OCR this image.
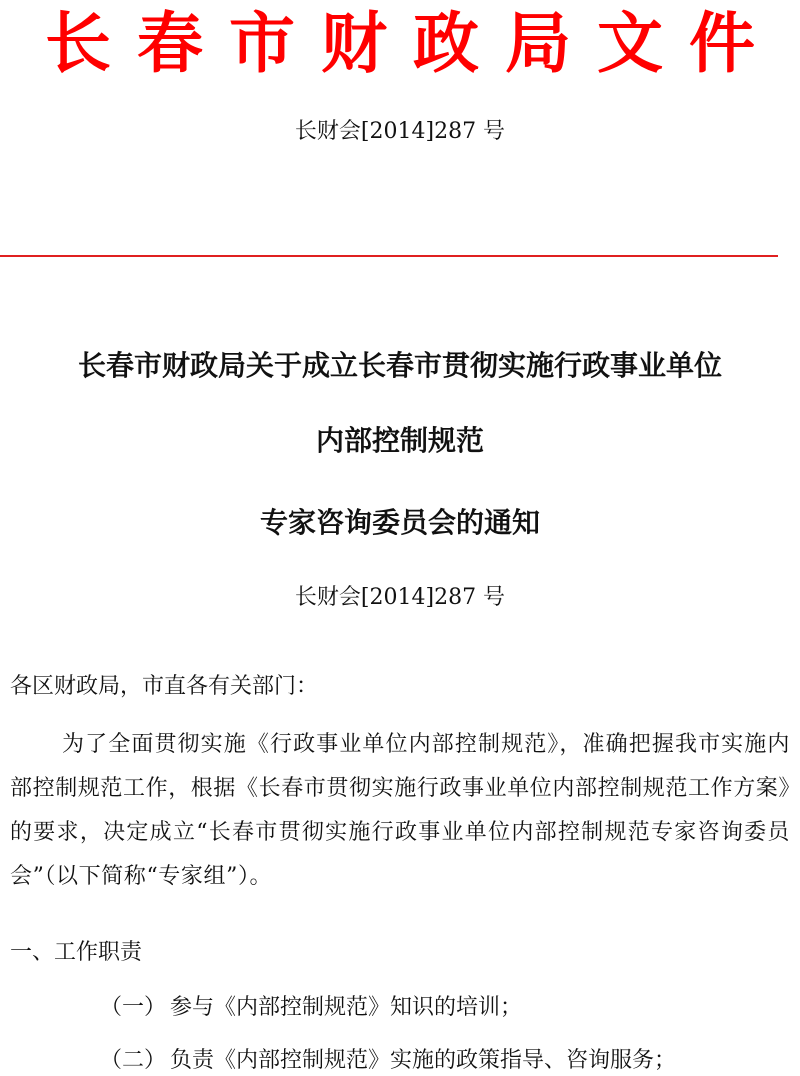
长春市财政局文件
长财会[2014]287 号
长春市财政局关于成立长春市贯彻实施行政事业单位
内部控制规范
专家咨询委员会的通知
长财会[2014]287 号
各区财政局，市直各有关部门：
为了全面贯彻实施《行政事业单位内部控制规范》，准确把握我市实施内部控制规范工作，根据《长春市贯彻实施行政事业单位内部控制规范工作方案》的要求，决定成立“长春市贯彻实施行政事业单位内部控制规范专家咨询委员会”（以下简称“专家组”）。
一、工作职责
（一） 参与《内部控制规范》知识的培训；
（二） 负责《内部控制规范》实施的政策指导、咨询服务；
